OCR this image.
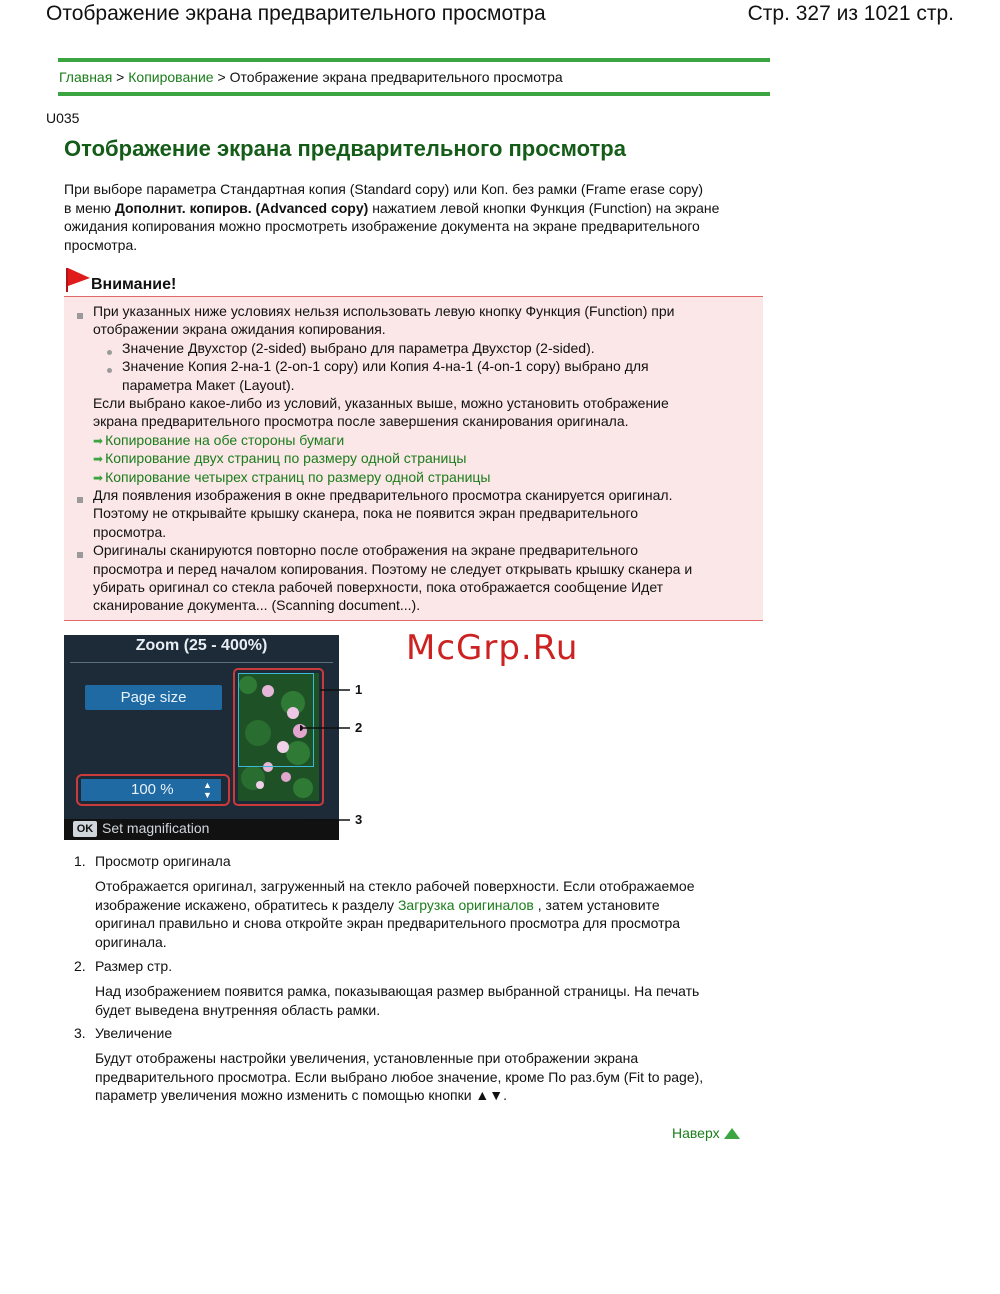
Отображение экрана предварительного просмотра	Стр. 327 из 1021 стр.
Главная > Копирование > Отображение экрана предварительного просмотра
U035
Отображение экрана предварительного просмотра
При выборе параметра Стандартная копия (Standard copy) или Коп. без рамки (Frame erase copy)
в меню Дополнит. копиров. (Advanced copy) нажатием левой кнопки Функция (Function) на экране
ожидания копирования можно просмотреть изображение документа на экране предварительного
просмотра.
Внимание!
При указанных ниже условиях нельзя использовать левую кнопку Функция (Function) при
отображении экрана ожидания копирования.
Значение Двухстор (2-sided) выбрано для параметра Двухстор (2-sided).
Значение Копия 2-на-1 (2-on-1 copy) или Копия 4-на-1 (4-on-1 copy) выбрано для
параметра Макет (Layout).
Если выбрано какое-либо из условий, указанных выше, можно установить отображение
экрана предварительного просмотра после завершения сканирования оригинала.
➡ Копирование на обе стороны бумаги
➡ Копирование двух страниц по размеру одной страницы
➡ Копирование четырех страниц по размеру одной страницы
Для появления изображения в окне предварительного просмотра сканируется оригинал.
Поэтому не открывайте крышку сканера, пока не появится экран предварительного
просмотра.
Оригиналы сканируются повторно после отображения на экране предварительного
просмотра и перед началом копирования. Поэтому не следует открывать крышку сканера и
убирать оригинал со стекла рабочей поверхности, пока отображается сообщение Идет
сканирование документа... (Scanning document...).
Zoom (25 - 400%)
Page size
100 %	▲
▼
OK Set magnification
1
2
3
McGrp.Ru
1. Просмотр оригинала
Отображается оригинал, загруженный на стекло рабочей поверхности. Если отображаемое
изображение искажено, обратитесь к разделу Загрузка оригиналов , затем установите
оригинал правильно и снова откройте экран предварительного просмотра для просмотра
оригинала.
2. Размер стр.
Над изображением появится рамка, показывающая размер выбранной страницы. На печать
будет выведена внутренняя область рамки.
3. Увеличение
Будут отображены настройки увеличения, установленные при отображении экрана
предварительного просмотра. Если выбрано любое значение, кроме По раз.бум (Fit to page),
параметр увеличения можно изменить с помощью кнопки ▲▼.
Наверх
